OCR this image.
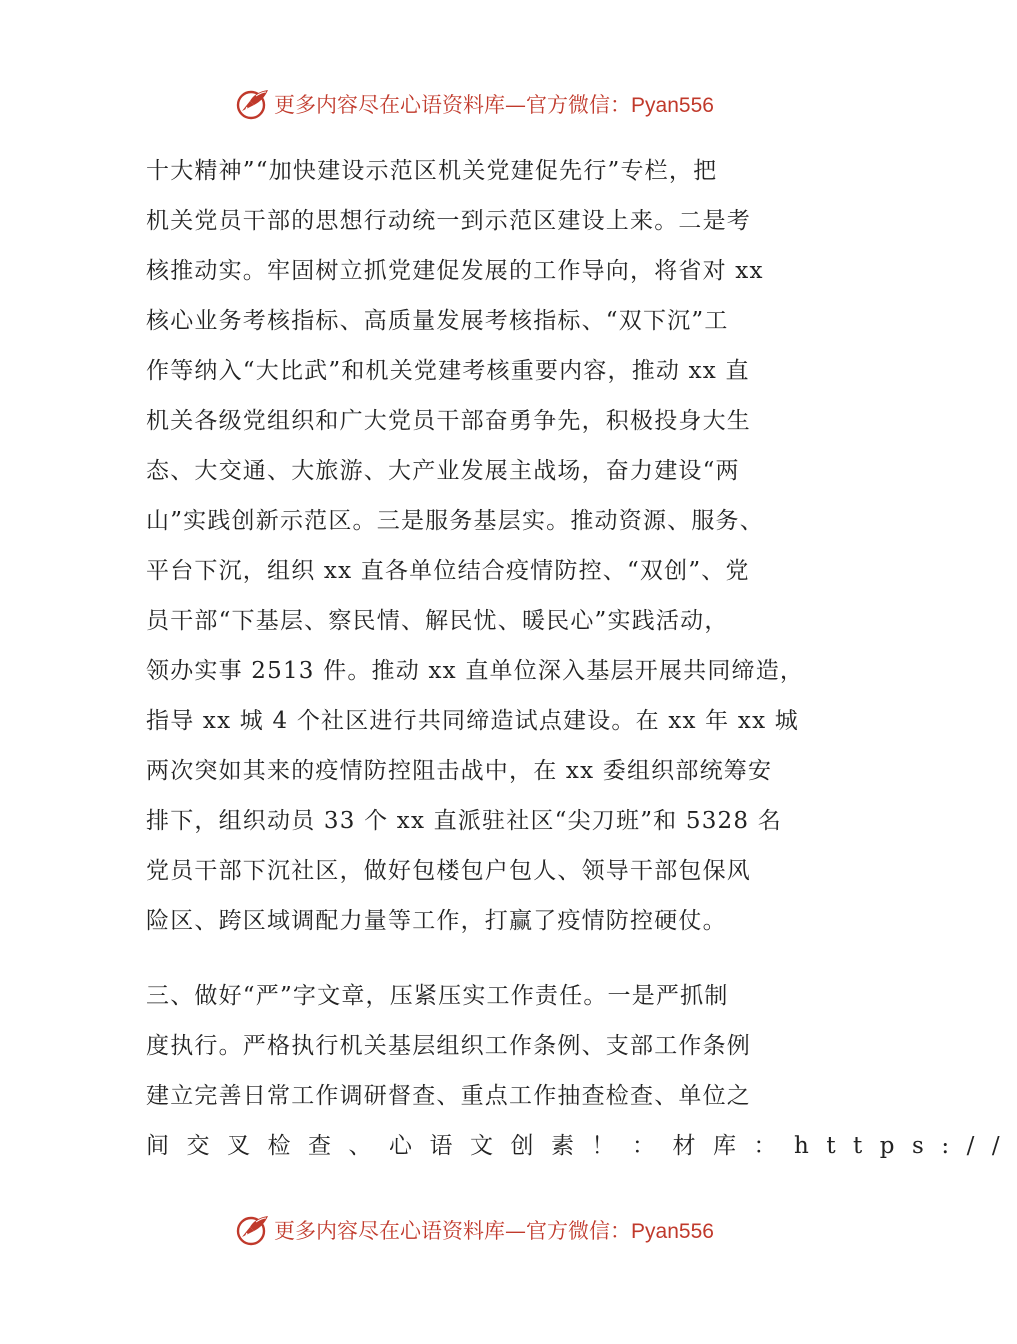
更多内容尽在心语资料库—官方微信：Pyan556
十大精神”“加快建设示范区机关党建促先行”专栏，把
机关党员干部的思想行动统一到示范区建设上来。二是考
核推动实。牢固树立抓党建促发展的工作导向，将省对 xx
核心业务考核指标、高质量发展考核指标、“双下沉”工
作等纳入“大比武”和机关党建考核重要内容，推动 xx 直
机关各级党组织和广大党员干部奋勇争先，积极投身大生
态、大交通、大旅游、大产业发展主战场，奋力建设“两
山”实践创新示范区。三是服务基层实。推动资源、服务、
平台下沉，组织 xx 直各单位结合疫情防控、“双创”、党
员干部“下基层、察民情、解民忧、暖民心”实践活动，
领办实事 2513 件。推动 xx 直单位深入基层开展共同缔造，
指导 xx 城 4 个社区进行共同缔造试点建设。在 xx 年 xx 城
两次突如其来的疫情防控阻击战中，在 xx 委组织部统筹安
排下，组织动员 33 个 xx 直派驻社区“尖刀班”和 5328 名
党员干部下沉社区，做好包楼包户包人、领导干部包保风
险区、跨区域调配力量等工作，打赢了疫情防控硬仗。
三、做好“严”字文章，压紧压实工作责任。一是严抓制
度执行。严格执行机关基层组织工作条例、支部工作条例
建立完善日常工作调研督查、重点工作抽查检查、单位之
间交叉检查、心语文创素！：材库：https://
更多内容尽在心语资料库—官方微信：Pyan556
